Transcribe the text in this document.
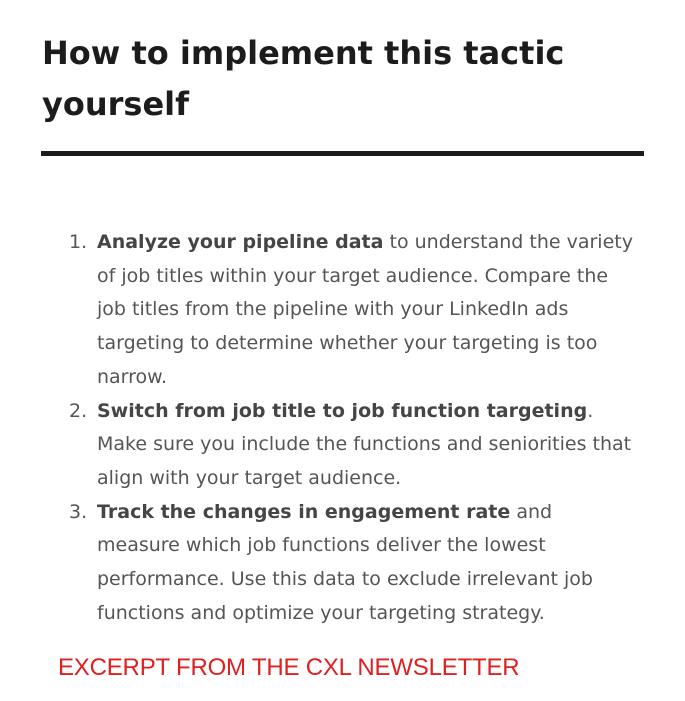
How to implement this tactic yourself
1. Analyze your pipeline data to understand the variety of job titles within your target audience. Compare the job titles from the pipeline with your LinkedIn ads targeting to determine whether your targeting is too narrow.
2. Switch from job title to job function targeting. Make sure you include the functions and seniorities that align with your target audience.
3. Track the changes in engagement rate and measure which job functions deliver the lowest performance. Use this data to exclude irrelevant job functions and optimize your targeting strategy.

EXCERPT FROM THE CXL NEWSLETTER
